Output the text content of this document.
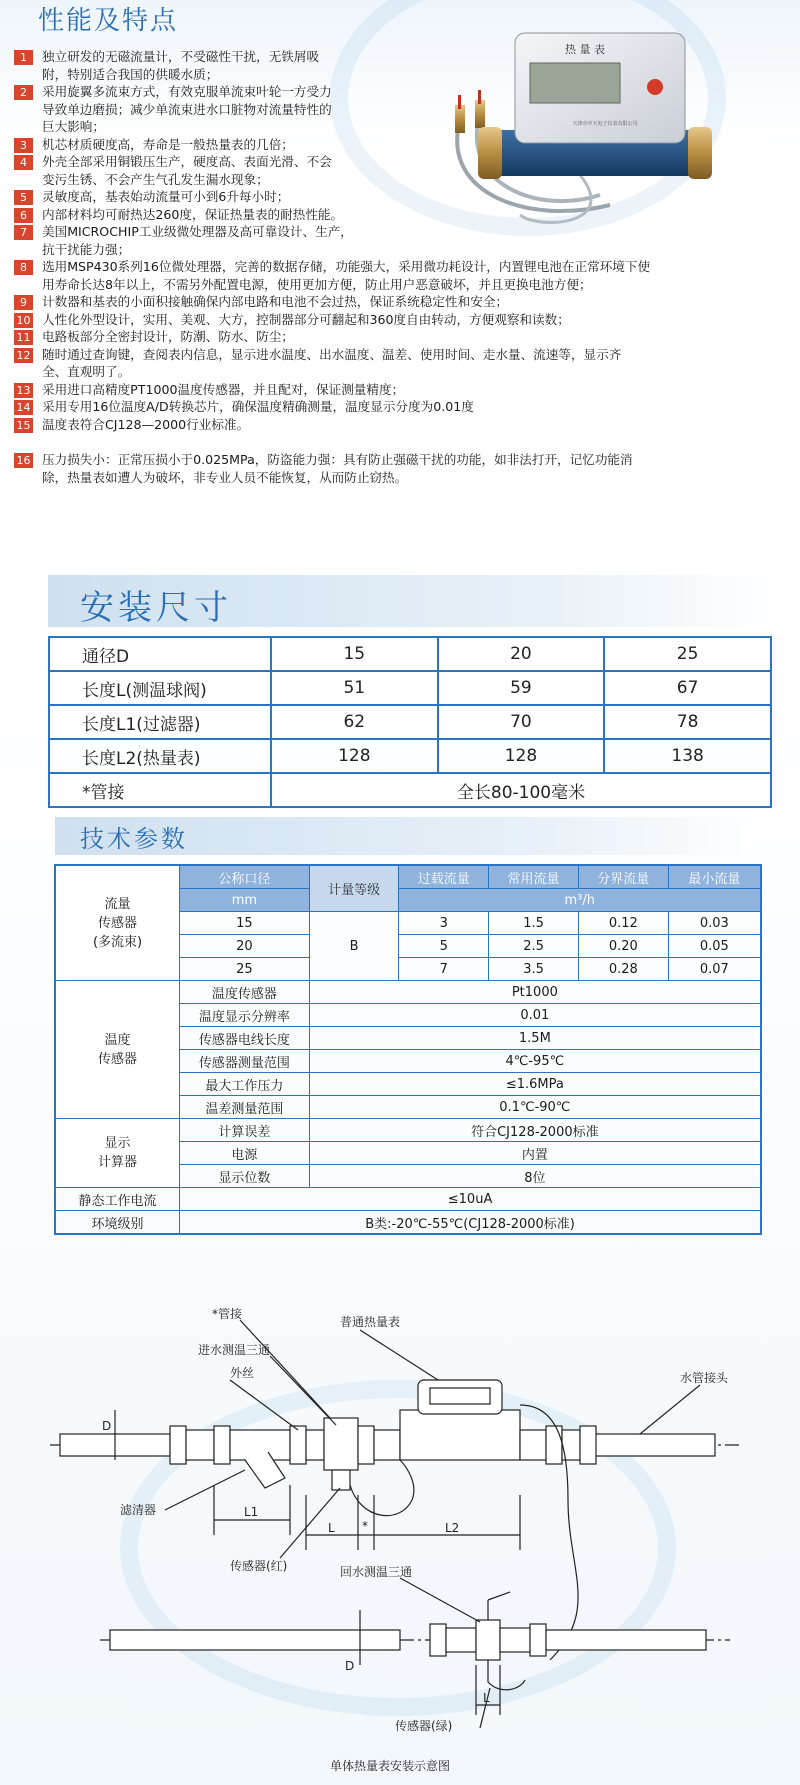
性能及特点
1	独立研发的无磁流量计，不受磁性干扰，无铁屑吸
附，特别适合我国的供暖水质；
2	采用旋翼多流束方式，有效克服单流束叶轮一方受力
导致单边磨损；减少单流束进水口脏物对流量特性的
巨大影响；
3	机芯材质硬度高，寿命是一般热量表的几倍；
4	外壳全部采用铜锻压生产，硬度高、表面光滑、不会
变污生锈、不会产生气孔发生漏水现象；
5	灵敏度高，基表始动流量可小到6升每小时；
6	内部材料均可耐热达260度，保证热量表的耐热性能。
7	美国MICROCHIP工业级微处理器及高可靠设计、生产，
抗干扰能力强；
8	选用MSP430系列16位微处理器，完善的数据存储，功能强大，采用微功耗设计，内置锂电池在正常环境下使
用寿命长达8年以上，不需另外配置电源，使用更加方便，防止用户恶意破坏，并且更换电池方便；
9	计数器和基表的小面积接触确保内部电路和电池不会过热，保证系统稳定性和安全；
10 人性化外型设计，实用、美观、大方，控制器部分可翻起和360度自由转动，方便观察和读数；
11 电路板部分全密封设计，防潮、防水、防尘；
12 随时通过查询键，查阅表内信息，显示进水温度、出水温度、温差、使用时间、走水量、流速等，显示齐
全、直观明了。
13 采用进口高精度PT1000温度传感器，并且配对，保证测量精度；
14 采用专用16位温度A/D转换芯片，确保温度精确测量，温度显示分度为0.01度
15 温度表符合CJ128—2000行业标准。
16 压力损失小：正常压损小于0.025MPa，防盗能力强：具有防止强磁干扰的功能，如非法打开，记忆功能消
除，热量表如遭人为破坏，非专业人员不能恢复，从而防止窃热。
热 量 表
天津市中天电子仪表有限公司
安装尺寸
通径D	15	20	25
长度L(测温球阀)	51	59	67
长度L1(过滤器)	62	70	78
长度L2(热量表)	128	128	138
*管接	全长80-100毫米		
技术参数
流量
传感器
(多流束)	公称口径	计量等级	过载流量	常用流量	分界流量	最小流量
	mm		m³/h			
	15	B	3	1.5	0.12	0.03
	20		5	2.5	0.20	0.05
	25		7	3.5	0.28	0.07

温度
传感器	温度传感器	Pt1000				
	温度显示分辨率	0.01				
	传感器电线长度	1.5M				
	传感器测量范围	4℃-95℃				
	最大工作压力	≤1.6MPa				
	温差测量范围	0.1℃-90℃				

显示
计算器	计算误差	符合CJ128-2000标准				
	电源	内置				
	显示位数	8位				
静态工作电流	≤10uA					
环境级别	B类:-20℃-55℃(CJ128-2000标准)					
*管接
普通热量表
进水测温三通
外丝	水管接头
D
滤清器	L1
L *	L2
传感器(红)	回水测温三通
D
L
传感器(绿)
单体热量表安装示意图
